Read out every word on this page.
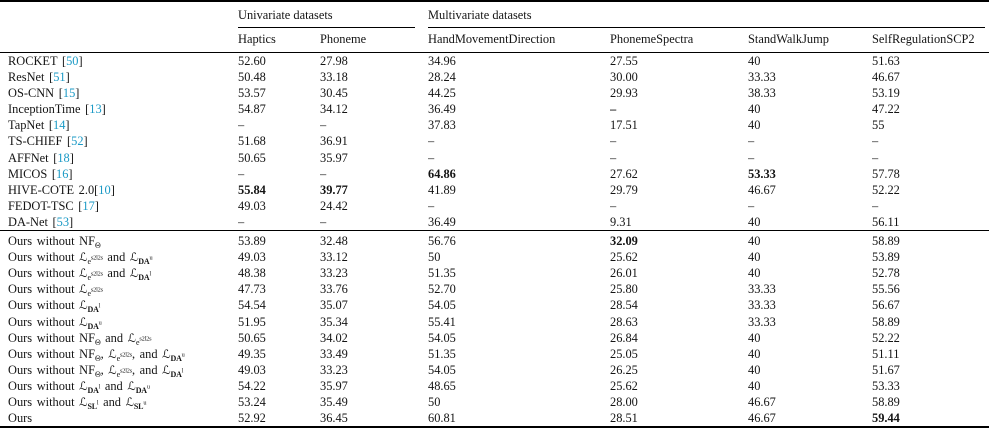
	Univariate datasets		Multivariate datasets			

	Haptics	Phoneme	HandMovementDirection	PhonemeSpectra	StandWalkJump	SelfRegulationSCP2
ROCKET [50]	52.60	27.98	34.96	27.55	40	51.63
ResNet [51]	50.48	33.18	28.24	30.00	33.33	46.67
OS-CNN [15]	53.57	30.45	44.25	29.93	38.33	53.19
InceptionTime [13]	54.87	34.12	36.49	–	40	47.22
TapNet [14]	–	–	37.83	17.51	40	55
TS-CHIEF [52]	51.68	36.91	–	–	–	–
AFFNet [18]	50.65	35.97	–	–	–	–
MICOS [16]	–	–	64.86	27.62	53.33	57.78
HIVE-COTE 2.0[10]	55.84	39.77	41.89	29.79	46.67	52.22
FEDOT-TSC [17]	49.03	24.42	–	–	–	–
DA-Net [53]	–	–	36.49	9.31	40	56.11
Ours without $NF_\Theta$	53.89	32.48	56.76	32.09	40	58.89
Ours without ℒ$_{e^{s2l2s}}$ and ℒ$_{DA^u}$	49.03	33.12	50	25.62	40	53.89
Ours without ℒ$_{e^{s2l2s}}$ and ℒ$_{DA^l}$	48.38	33.23	51.35	26.01	40	52.78
Ours without ℒ$_{e^{s2l2s}}$	47.73	33.76	52.70	25.80	33.33	55.56
Ours without ℒ$_{DA^l}$	54.54	35.07	54.05	28.54	33.33	56.67
Ours without ℒ$_{DA^u}$	51.95	35.34	55.41	28.63	33.33	58.89
Ours without $NF_\Theta$ and ℒ$_{e^{s2l2s}}$	50.65	34.02	54.05	26.84	40	52.22
Ours without $NF_\Theta$, ℒ$_{e^{s2l2s}}$, and ℒ$_{DA^u}$	49.35	33.49	51.35	25.05	40	51.11
Ours without $NF_\Theta$, ℒ$_{e^{s2l2s}}$, and ℒ$_{DA^l}$	49.03	33.23	54.05	26.25	40	51.67
Ours without ℒ$_{DA^l}$ and ℒ$_{DA^u}$	54.22	35.97	48.65	25.62	40	53.33
Ours without ℒ$_{SL^l}$ and ℒ$_{SL^u}$	53.24	35.49	50	28.00	46.67	58.89
Ours	52.92	36.45	60.81	28.51	46.67	59.44
